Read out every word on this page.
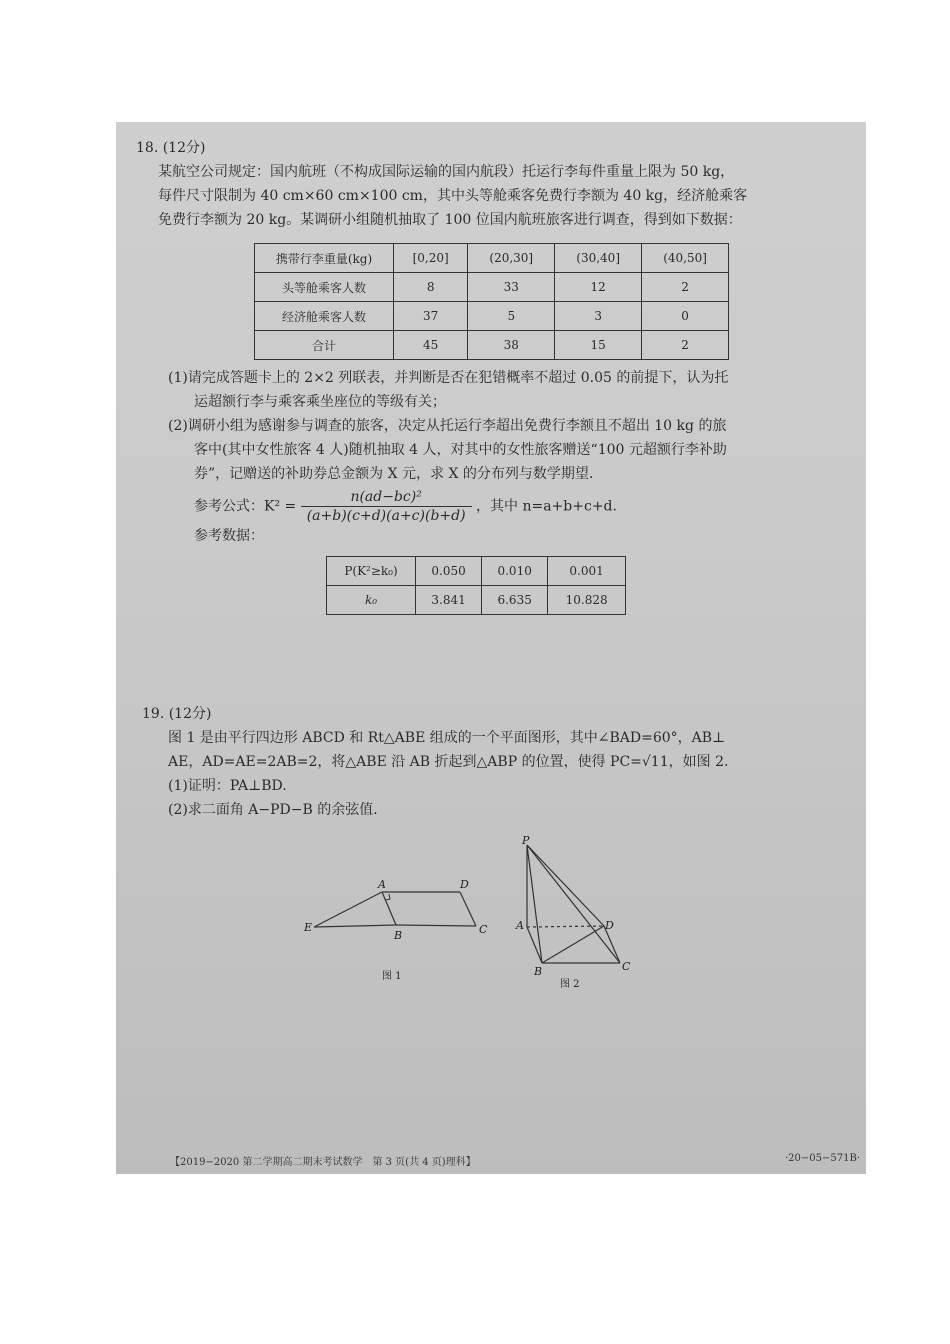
18. (12分)
某航空公司规定：国内航班（不构成国际运输的国内航段）托运行李每件重量上限为 50 kg，
每件尺寸限制为 40 cm×60 cm×100 cm，其中头等舱乘客免费行李额为 40 kg，经济舱乘客
免费行李额为 20 kg。某调研小组随机抽取了 100 位国内航班旅客进行调查，得到如下数据：
携带行李重量(kg)	[0,20]	(20,30]	(30,40]	(40,50]
头等舱乘客人数	8	33	12	2
经济舱乘客人数	37	5	3	0
合计	45	38	15	2
(1)请完成答题卡上的 2×2 列联表，并判断是否在犯错概率不超过 0.05 的前提下，认为托
运超额行李与乘客乘坐座位的等级有关；
(2)调研小组为感谢参与调查的旅客，决定从托运行李超出免费行李额且不超出 10 kg 的旅
客中(其中女性旅客 4 人)随机抽取 4 人，对其中的女性旅客赠送“100 元超额行李补助
券”，记赠送的补助券总金额为 X 元，求 X 的分布列与数学期望.
参考公式：$K^2 = \frac{\text{n(ad−bc)²}}{(a+b)(c+d)(a+c)(b+d)}$ ，其中 n=a+b+c+d.
参考数据：
P(K²≥k₀)	0.050	0.010	0.001
k₀	3.841	6.635	10.828
19. (12分)
图 1 是由平行四边形 ABCD 和 Rt△ABE 组成的一个平面图形，其中∠BAD=60°，AB⊥
AE，AD=AE=2AB=2，将△ABE 沿 AB 折起到△ABP 的位置，使得 PC=√11，如图 2.
(1)证明：PA⊥BD.
(2)求二面角 A−PD−B 的余弦值.
E
A
B
D
C
图 1
P
A	D
B	C
图 2
【2019−2020 第二学期高二期末考试数学　第 3 页(共 4 页)理科】	·20−05−571B·
